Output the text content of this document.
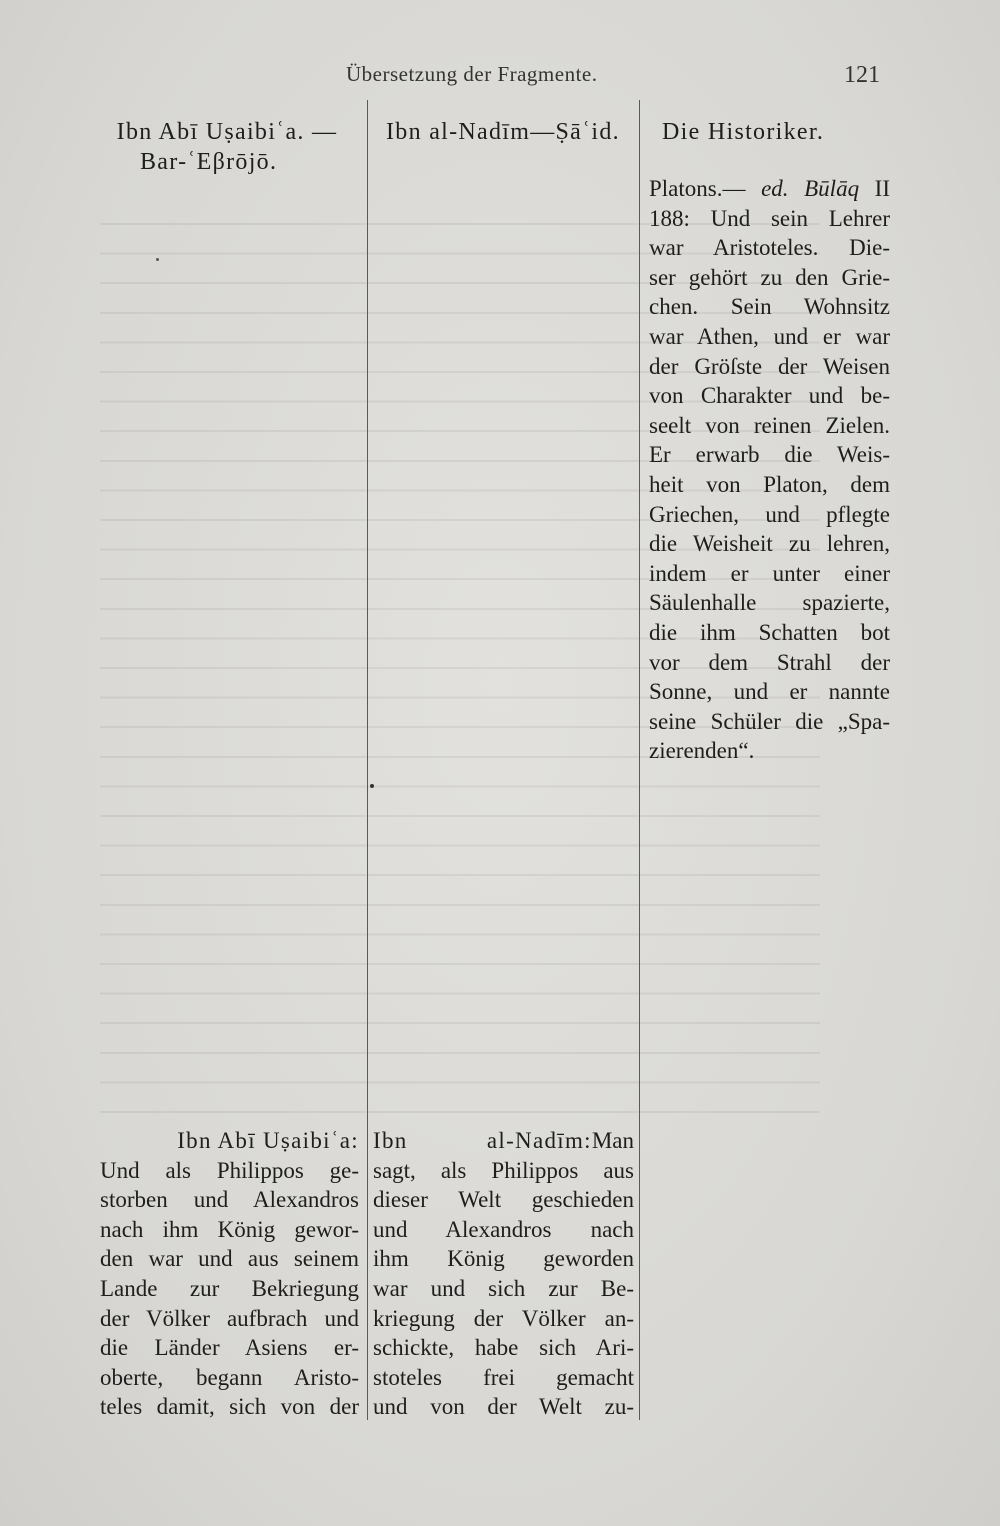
Übersetzung der Fragmente.	121
Ibn Abī Uṣaibiʿa. —
Bar-ʿEβrōjō.
Ibn al-Nadīm—Ṣāʿid.	Die Historiker.
Platons.— ed. Būlāq II
188: Und sein Lehrer
war Aristoteles. Die-
ser gehört zu den Grie-
chen. Sein Wohnsitz
war Athen, und er war
der Gröſste der Weisen
von Charakter und be-
seelt von reinen Zielen.
Er erwarb die Weis-
heit von Platon, dem
Griechen, und pflegte
die Weisheit zu lehren,
indem er unter einer
Säulenhalle spazierte,
die ihm Schatten bot
vor dem Strahl der
Sonne, und er nannte
seine Schüler die „Spa-
zierenden“.
Ibn Abī Uṣaibiʿa:
Und als Philippos ge-
storben und Alexandros
nach ihm König gewor-
den war und aus seinem
Lande zur Bekriegung
der Völker aufbrach und
die Länder Asiens er-
oberte, begann Aristo-
teles damit, sich von der
Ibn al-Nadīm:Man
sagt, als Philippos aus
dieser Welt geschieden
und Alexandros nach
ihm König geworden
war und sich zur Be-
kriegung der Völker an-
schickte, habe sich Ari-
stoteles frei gemacht
und von der Welt zu-
